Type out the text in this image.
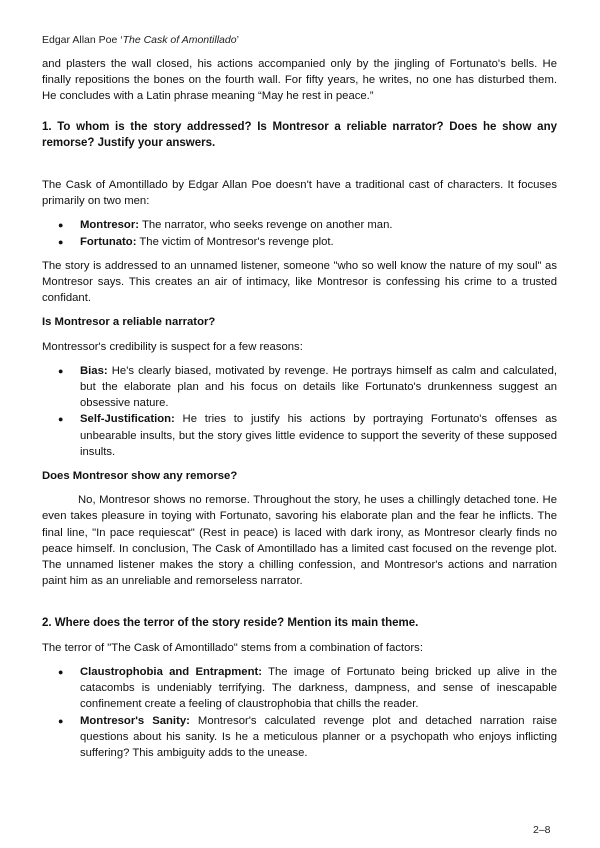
Edgar Allan Poe ‘The Cask of Amontillado’

and plasters the wall closed, his actions accompanied only by the jingling of Fortunato's bells. He finally repositions the bones on the fourth wall. For fifty years, he writes, no one has disturbed them. He concludes with a Latin phrase meaning “May he rest in peace.”

1. To whom is the story addressed? Is Montresor a reliable narrator? Does he show any remorse? Justify your answers.

The Cask of Amontillado by Edgar Allan Poe doesn't have a traditional cast of characters. It focuses primarily on two men:

● Montresor: The narrator, who seeks revenge on another man.
● Fortunato: The victim of Montresor's revenge plot.

The story is addressed to an unnamed listener, someone "who so well know the nature of my soul" as Montresor says. This creates an air of intimacy, like Montresor is confessing his crime to a trusted confidant.

Is Montresor a reliable narrator?

Montressor's credibility is suspect for a few reasons:

● Bias: He's clearly biased, motivated by revenge. He portrays himself as calm and calculated, but the elaborate plan and his focus on details like Fortunato's drunkenness suggest an obsessive nature.
● Self-Justification: He tries to justify his actions by portraying Fortunato's offenses as unbearable insults, but the story gives little evidence to support the severity of these supposed insults.

Does Montresor show any remorse?

No, Montresor shows no remorse. Throughout the story, he uses a chillingly detached tone. He even takes pleasure in toying with Fortunato, savoring his elaborate plan and the fear he inflicts. The final line, "In pace requiescat" (Rest in peace) is laced with dark irony, as Montresor clearly finds no peace himself. In conclusion, The Cask of Amontillado has a limited cast focused on the revenge plot. The unnamed listener makes the story a chilling confession, and Montresor's actions and narration paint him as an unreliable and remorseless narrator.

2. Where does the terror of the story reside? Mention its main theme.

The terror of "The Cask of Amontillado" stems from a combination of factors:

● Claustrophobia and Entrapment: The image of Fortunato being bricked up alive in the catacombs is undeniably terrifying. The darkness, dampness, and sense of inescapable confinement create a feeling of claustrophobia that chills the reader.
● Montresor's Sanity: Montresor's calculated revenge plot and detached narration raise questions about his sanity. Is he a meticulous planner or a psychopath who enjoys inflicting suffering? This ambiguity adds to the unease.
2–8
